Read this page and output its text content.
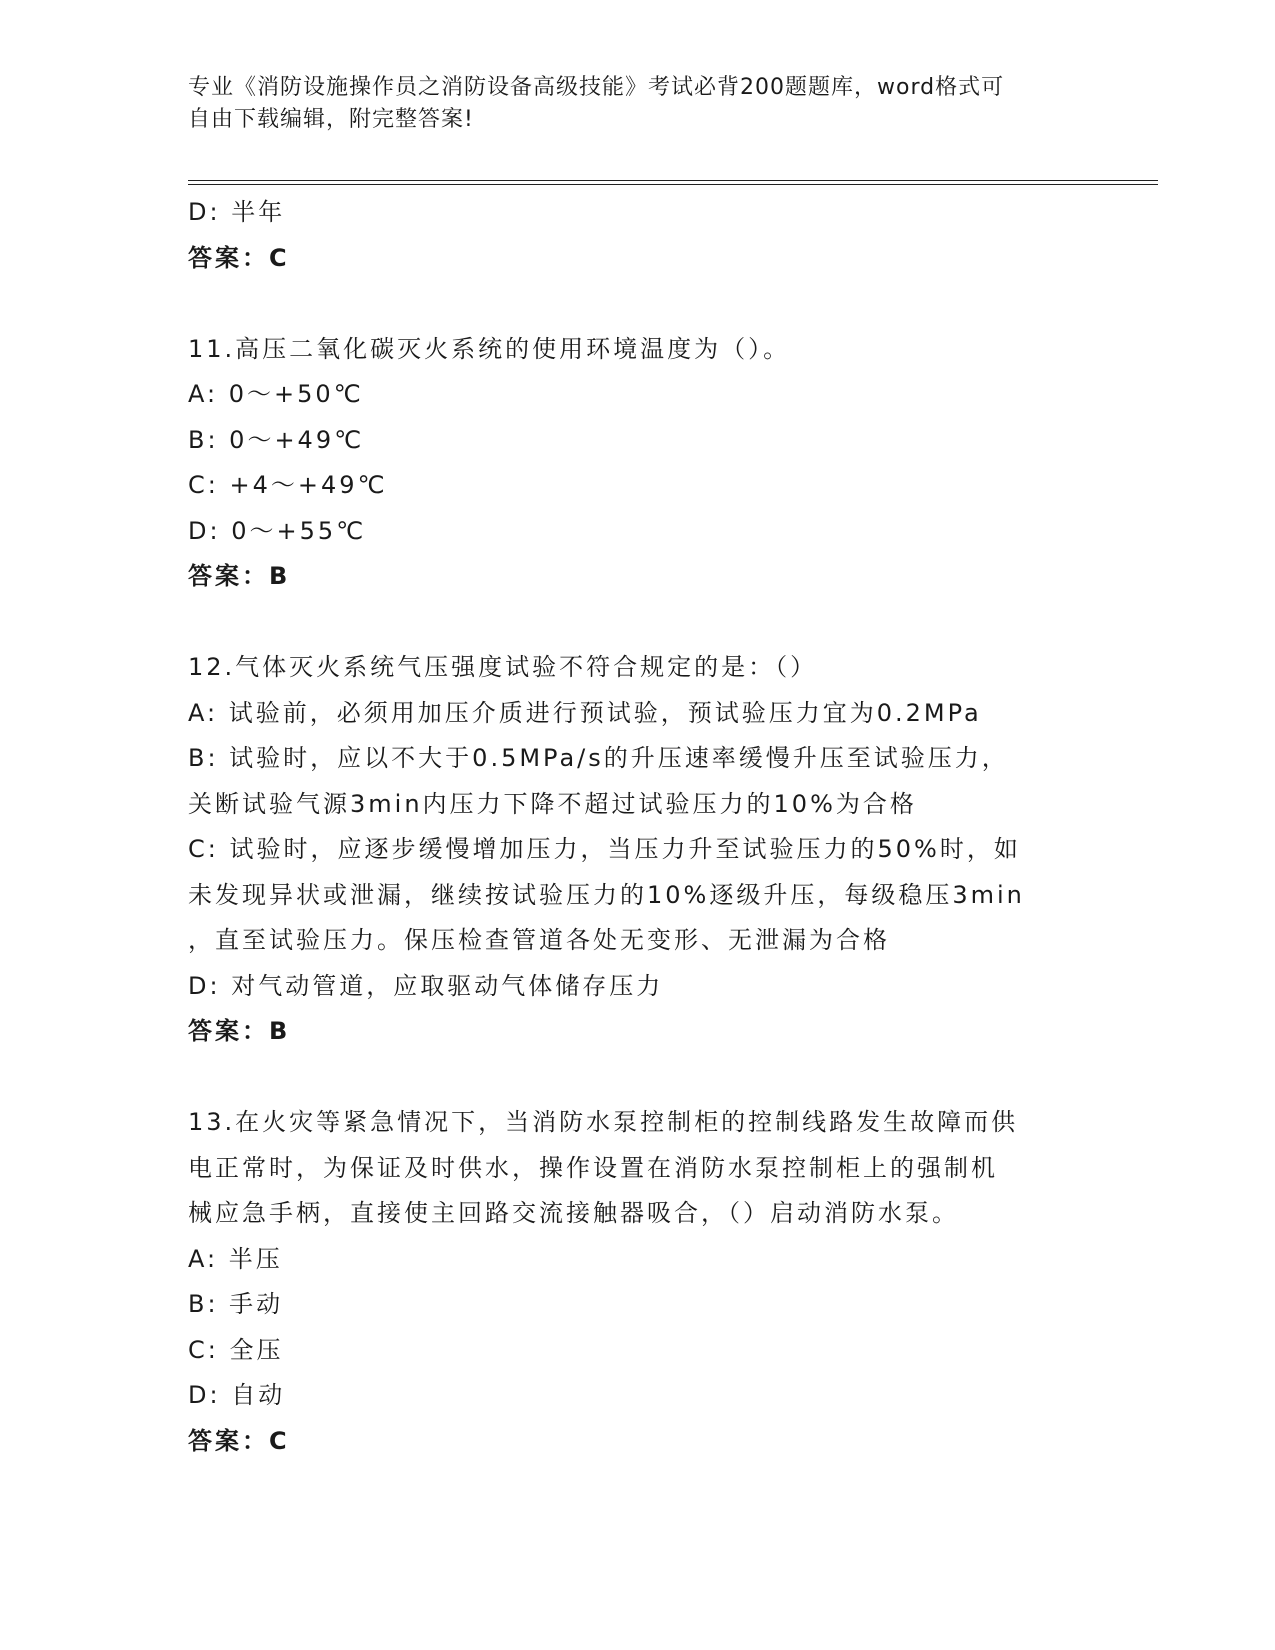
专业《消防设施操作员之消防设备高级技能》考试必背200题题库，word格式可
自由下载编辑，附完整答案!
D: 半年
答案：C
11.高压二氧化碳灭火系统的使用环境温度为（）。
A: 0～+50℃
B: 0～+49℃
C: +4～+49℃
D: 0～+55℃
答案：B
12.气体灭火系统气压强度试验不符合规定的是：（）
A: 试验前，必须用加压介质进行预试验，预试验压力宜为0.2MPa
B: 试验时，应以不大于0.5MPa/s的升压速率缓慢升压至试验压力，
关断试验气源3min内压力下降不超过试验压力的10%为合格
C: 试验时，应逐步缓慢增加压力，当压力升至试验压力的50%时，如
未发现异状或泄漏，继续按试验压力的10%逐级升压，每级稳压3min
，直至试验压力。保压检查管道各处无变形、无泄漏为合格
D: 对气动管道，应取驱动气体储存压力
答案：B
13.在火灾等紧急情况下，当消防水泵控制柜的控制线路发生故障而供
电正常时，为保证及时供水，操作设置在消防水泵控制柜上的强制机
械应急手柄，直接使主回路交流接触器吸合，（）启动消防水泵。
A: 半压
B: 手动
C: 全压
D: 自动
答案：C
